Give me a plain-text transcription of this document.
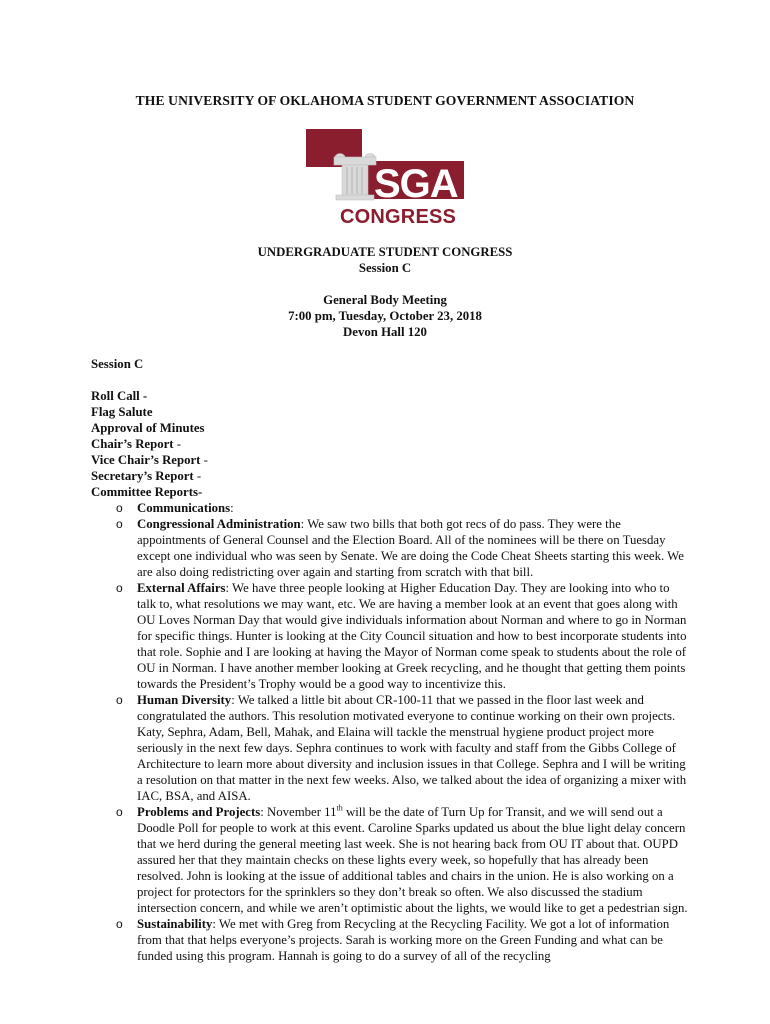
THE UNIVERSITY OF OKLAHOMA STUDENT GOVERNMENT ASSOCIATION
SGA
CONGRESS
UNDERGRADUATE STUDENT CONGRESS
Session C
General Body Meeting
7:00 pm, Tuesday, October 23, 2018
Devon Hall 120
Session C
Roll Call -
Flag Salute
Approval of Minutes
Chair’s Report -
Vice Chair’s Report -
Secretary’s Report -
Committee Reports-
o Communications:
o Congressional Administration: We saw two bills that both got recs of do pass. They were the appointments of General Counsel and the Election Board. All of the nominees will be there on Tuesday except one individual who was seen by Senate. We are doing the Code Cheat Sheets starting this week. We are also doing redistricting over again and starting from scratch with that bill.
o External Affairs: We have three people looking at Higher Education Day. They are looking into who to talk to, what resolutions we may want, etc. We are having a member look at an event that goes along with OU Loves Norman Day that would give individuals information about Norman and where to go in Norman for specific things. Hunter is looking at the City Council situation and how to best incorporate students into that role. Sophie and I are looking at having the Mayor of Norman come speak to students about the role of OU in Norman. I have another member looking at Greek recycling, and he thought that getting them points towards the President’s Trophy would be a good way to incentivize this.
o Human Diversity: We talked a little bit about CR-100-11 that we passed in the floor last week and congratulated the authors. This resolution motivated everyone to continue working on their own projects. Katy, Sephra, Adam, Bell, Mahak, and Elaina will tackle the menstrual hygiene product project more seriously in the next few days. Sephra continues to work with faculty and staff from the Gibbs College of Architecture to learn more about diversity and inclusion issues in that College. Sephra and I will be writing a resolution on that matter in the next few weeks. Also, we talked about the idea of organizing a mixer with IAC, BSA, and AISA.
o Problems and Projects: November 11th will be the date of Turn Up for Transit, and we will send out a Doodle Poll for people to work at this event. Caroline Sparks updated us about the blue light delay concern that we herd during the general meeting last week. She is not hearing back from OU IT about that. OUPD assured her that they maintain checks on these lights every week, so hopefully that has already been resolved. John is looking at the issue of additional tables and chairs in the union. He is also working on a project for protectors for the sprinklers so they don’t break so often. We also discussed the stadium intersection concern, and while we aren’t optimistic about the lights, we would like to get a pedestrian sign.
o Sustainability: We met with Greg from Recycling at the Recycling Facility. We got a lot of information from that that helps everyone’s projects. Sarah is working more on the Green Funding and what can be funded using this program. Hannah is going to do a survey of all of the recycling
